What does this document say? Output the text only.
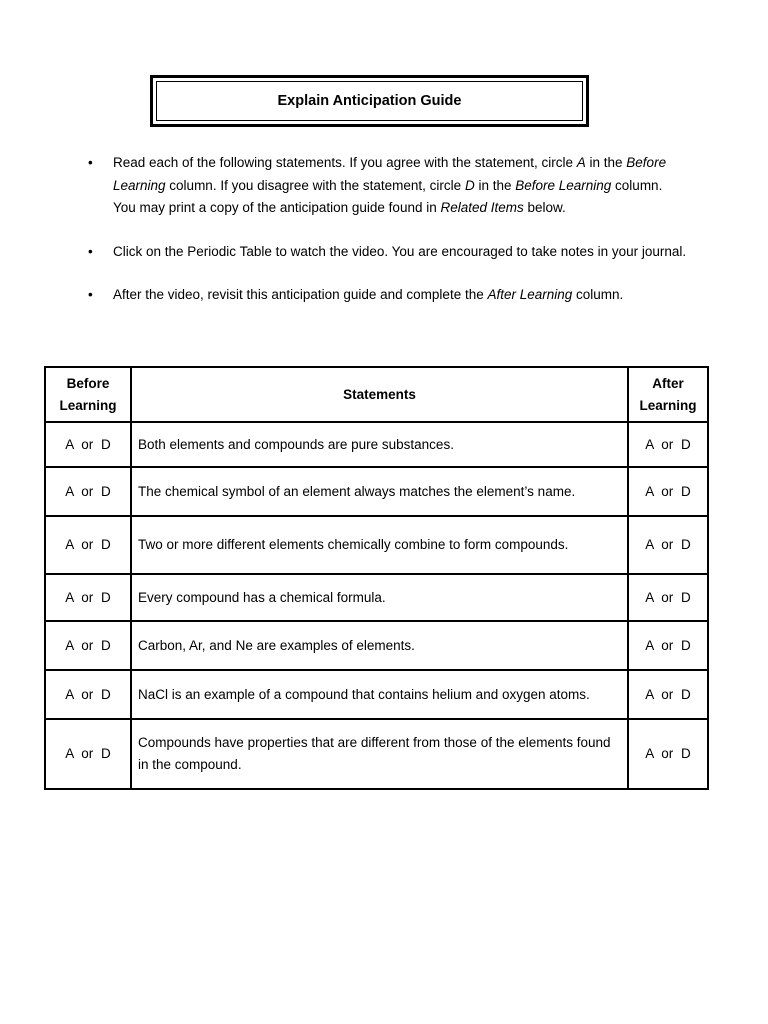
Explain Anticipation Guide
• Read each of the following statements. If you agree with the statement, circle A in the Before Learning column. If you disagree with the statement, circle D in the Before Learning column. You may print a copy of the anticipation guide found in Related Items below.
• Click on the Periodic Table to watch the video. You are encouraged to take notes in your journal.
• After the video, revisit this anticipation guide and complete the After Learning column.
Before Learning	Statements	After Learning
A or D	Both elements and compounds are pure substances.	A or D
A or D	The chemical symbol of an element always matches the element’s name.	A or D
A or D	Two or more different elements chemically combine to form compounds.	A or D
A or D	Every compound has a chemical formula.	A or D
A or D	Carbon, Ar, and Ne are examples of elements.	A or D
A or D	NaCl is an example of a compound that contains helium and oxygen atoms.	A or D
A or D	Compounds have properties that are different from those of the elements found in the compound.	A or D
